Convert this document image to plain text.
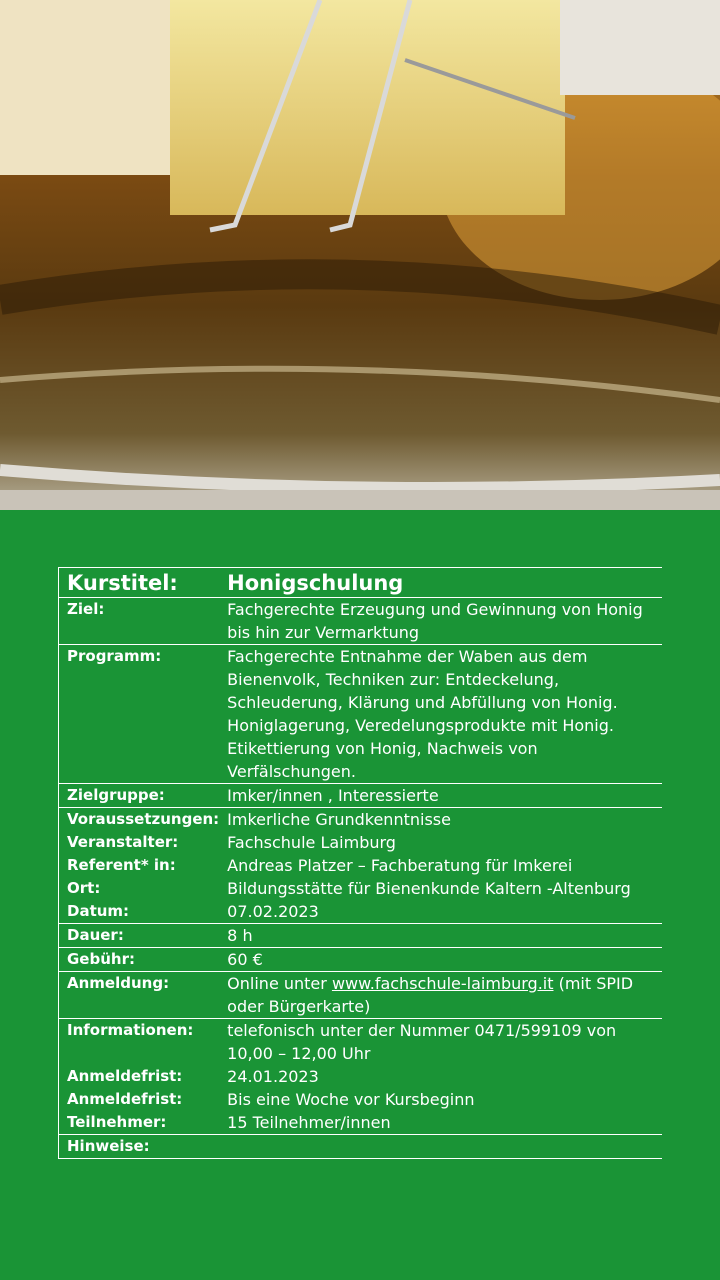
Kurstitel:	Honigschulung
Ziel:	Fachgerechte Erzeugung und Gewinnung von Honig bis hin zur Vermarktung
Programm:	Fachgerechte Entnahme der Waben aus dem Bienenvolk, Techniken zur: Entdeckelung, Schleuderung, Klärung und Abfüllung von Honig. Honiglagerung, Veredelungsprodukte mit Honig. Etikettierung von Honig, Nachweis von Verfälschungen.
Zielgruppe:	Imker/innen , Interessierte
Voraussetzungen:	Imkerliche Grundkenntnisse
Veranstalter:	Fachschule Laimburg
Referent* in:	Andreas Platzer – Fachberatung für Imkerei
Ort:	Bildungsstätte für Bienenkunde Kaltern -Altenburg
Datum:	07.02.2023
Dauer:	8 h
Gebühr:	60 €
Anmeldung:	Online unter www.fachschule-laimburg.it (mit SPID oder Bürgerkarte)
Informationen:	telefonisch unter der Nummer 0471/599109 von 10,00 – 12,00 Uhr
Anmeldefrist:	24.01.2023
Anmeldefrist:	Bis eine Woche vor Kursbeginn
Teilnehmer:	15 Teilnehmer/innen
Hinweise:	
